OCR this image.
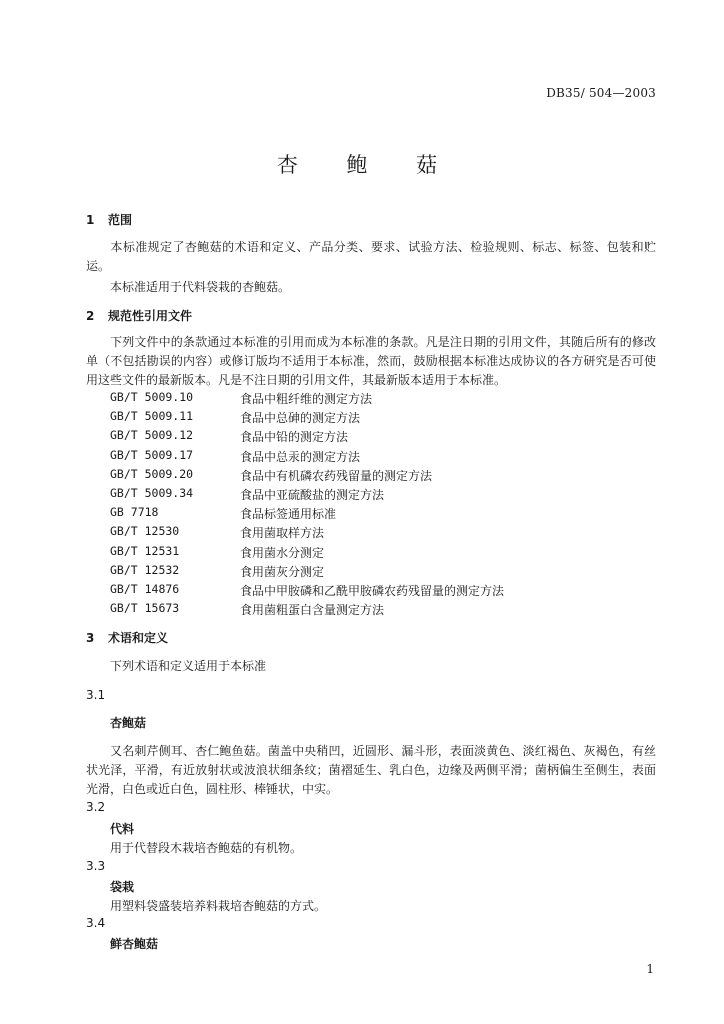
DB35/ 504—2003
杏 鲍 菇
1 范围
本标准规定了杏鲍菇的术语和定义、产品分类、要求、试验方法、检验规则、标志、标签、包装和贮运。
本标准适用于代料袋栽的杏鲍菇。
2 规范性引用文件
下列文件中的条款通过本标准的引用而成为本标准的条款。凡是注日期的引用文件，其随后所有的修改单（不包括勘误的内容）或修订版均不适用于本标准，然而，鼓励根据本标准达成协议的各方研究是否可使用这些文件的最新版本。凡是不注日期的引用文件，其最新版本适用于本标准。
GB/T 5009.10	食品中粗纤维的测定方法
GB/T 5009.11	食品中总砷的测定方法
GB/T 5009.12	食品中铅的测定方法
GB/T 5009.17	食品中总汞的测定方法
GB/T 5009.20	食品中有机磷农药残留量的测定方法
GB/T 5009.34	食品中亚硫酸盐的测定方法
GB 7718	食品标签通用标准
GB/T 12530	食用菌取样方法
GB/T 12531	食用菌水分测定
GB/T 12532	食用菌灰分测定
GB/T 14876	食品中甲胺磷和乙酰甲胺磷农药残留量的测定方法
GB/T 15673	食用菌粗蛋白含量测定方法
3 术语和定义
下列术语和定义适用于本标准
3.1
杏鲍菇
又名刺芹侧耳、杏仁鲍鱼菇。菌盖中央稍凹，近圆形、漏斗形，表面淡黄色、淡红褐色、灰褐色，有丝状光泽，平滑，有近放射状或波浪状细条纹；菌褶延生、乳白色，边缘及两侧平滑；菌柄偏生至侧生，表面光滑，白色或近白色，圆柱形、棒锤状，中实。
3.2
代料
用于代替段木栽培杏鲍菇的有机物。
3.3
袋栽
用塑料袋盛装培养料栽培杏鲍菇的方式。
3.4
鲜杏鲍菇
1
